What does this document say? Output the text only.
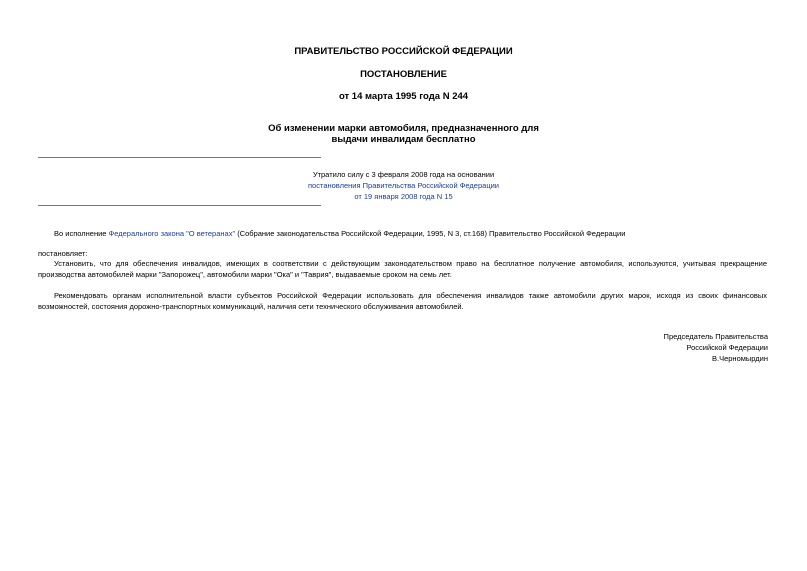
ПРАВИТЕЛЬСТВО РОССИЙСКОЙ ФЕДЕРАЦИИ
ПОСТАНОВЛЕНИЕ
от 14 марта 1995 года N 244
Об изменении марки автомобиля, предназначенного для
выдачи инвалидам бесплатно
Утратило силу с 3 февраля 2008 года на основании
постановления Правительства Российской Федерации
от 19 января 2008 года N 15

Во исполнение Федерального закона "О ветеранах" (Собрание законодательства Российской Федерации, 1995, N 3, ст.168) Правительство Российской Федерации

постановляет:

Установить, что для обеспечения инвалидов, имеющих в соответствии с действующим законодательством право на бесплатное получение автомобиля, используются, учитывая прекращение производства автомобилей марки "Запорожец", автомобили марки "Ока" и "Таврия", выдаваемые сроком на семь лет.

Рекомендовать органам исполнительной власти субъектов Российской Федерации использовать для обеспечения инвалидов также автомобили других марок, исходя из своих финансовых возможностей, состояния дорожно-транспортных коммуникаций, наличия сети технического обслуживания автомобилей.

Председатель Правительства
Российской Федерации
В.Черномырдин
